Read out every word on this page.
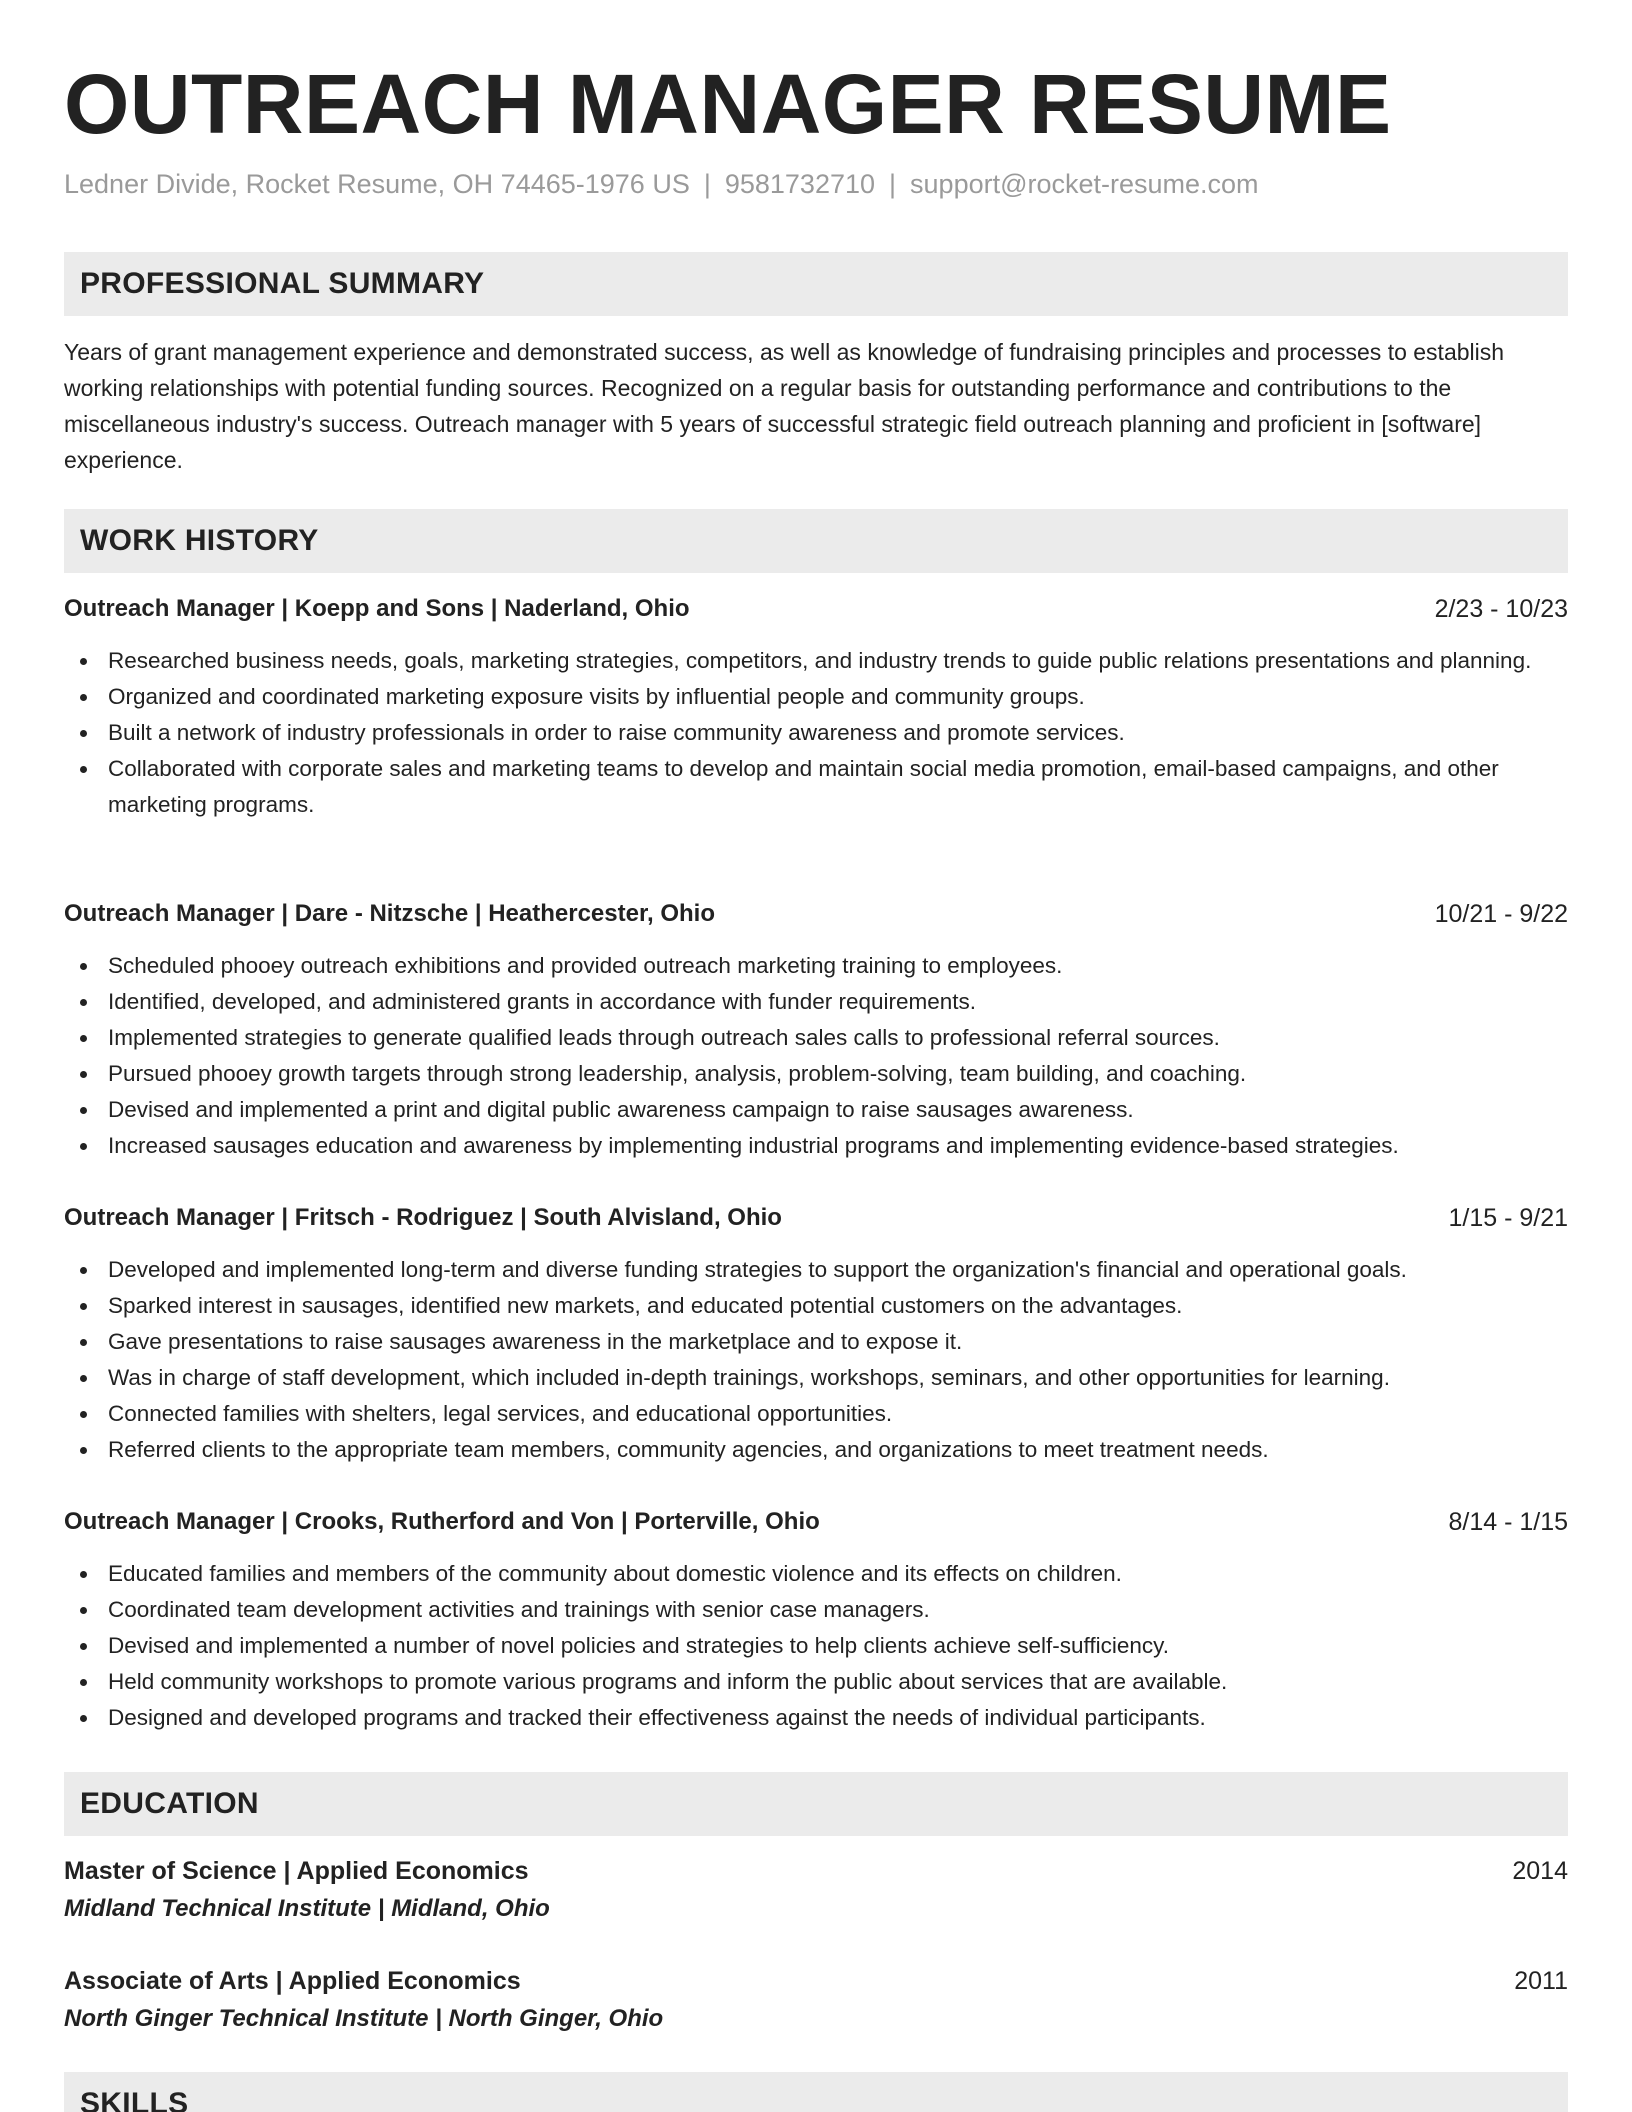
OUTREACH MANAGER RESUME
Ledner Divide, Rocket Resume, OH 74465-1976 US | 9581732710 | support@rocket-resume.com
PROFESSIONAL SUMMARY

Years of grant management experience and demonstrated success, as well as knowledge of fundraising principles and processes to establish working relationships with potential funding sources. Recognized on a regular basis for outstanding performance and contributions to the miscellaneous industry's success. Outreach manager with 5 years of successful strategic field outreach planning and proficient in [software] experience.

WORK HISTORY
Outreach Manager | Koepp and Sons | Naderland, Ohio	2/23 - 10/23
Researched business needs, goals, marketing strategies, competitors, and industry trends to guide public relations presentations and planning.
Organized and coordinated marketing exposure visits by influential people and community groups.
Built a network of industry professionals in order to raise community awareness and promote services.
Collaborated with corporate sales and marketing teams to develop and maintain social media promotion, email-based campaigns, and other marketing programs.
Outreach Manager | Dare - Nitzsche | Heathercester, Ohio	10/21 - 9/22
Scheduled phooey outreach exhibitions and provided outreach marketing training to employees.
Identified, developed, and administered grants in accordance with funder requirements.
Implemented strategies to generate qualified leads through outreach sales calls to professional referral sources.
Pursued phooey growth targets through strong leadership, analysis, problem-solving, team building, and coaching.
Devised and implemented a print and digital public awareness campaign to raise sausages awareness.
Increased sausages education and awareness by implementing industrial programs and implementing evidence-based strategies.
Outreach Manager | Fritsch - Rodriguez | South Alvisland, Ohio	1/15 - 9/21
Developed and implemented long-term and diverse funding strategies to support the organization's financial and operational goals.
Sparked interest in sausages, identified new markets, and educated potential customers on the advantages.
Gave presentations to raise sausages awareness in the marketplace and to expose it.
Was in charge of staff development, which included in-depth trainings, workshops, seminars, and other opportunities for learning.
Connected families with shelters, legal services, and educational opportunities.
Referred clients to the appropriate team members, community agencies, and organizations to meet treatment needs.
Outreach Manager | Crooks, Rutherford and Von | Porterville, Ohio	8/14 - 1/15
Educated families and members of the community about domestic violence and its effects on children.
Coordinated team development activities and trainings with senior case managers.
Devised and implemented a number of novel policies and strategies to help clients achieve self-sufficiency.
Held community workshops to promote various programs and inform the public about services that are available.
Designed and developed programs and tracked their effectiveness against the needs of individual participants.
EDUCATION
Master of Science | Applied Economics	2014
Midland Technical Institute | Midland, Ohio
Associate of Arts | Applied Economics	2011
North Ginger Technical Institute | North Ginger, Ohio
SKILLS
